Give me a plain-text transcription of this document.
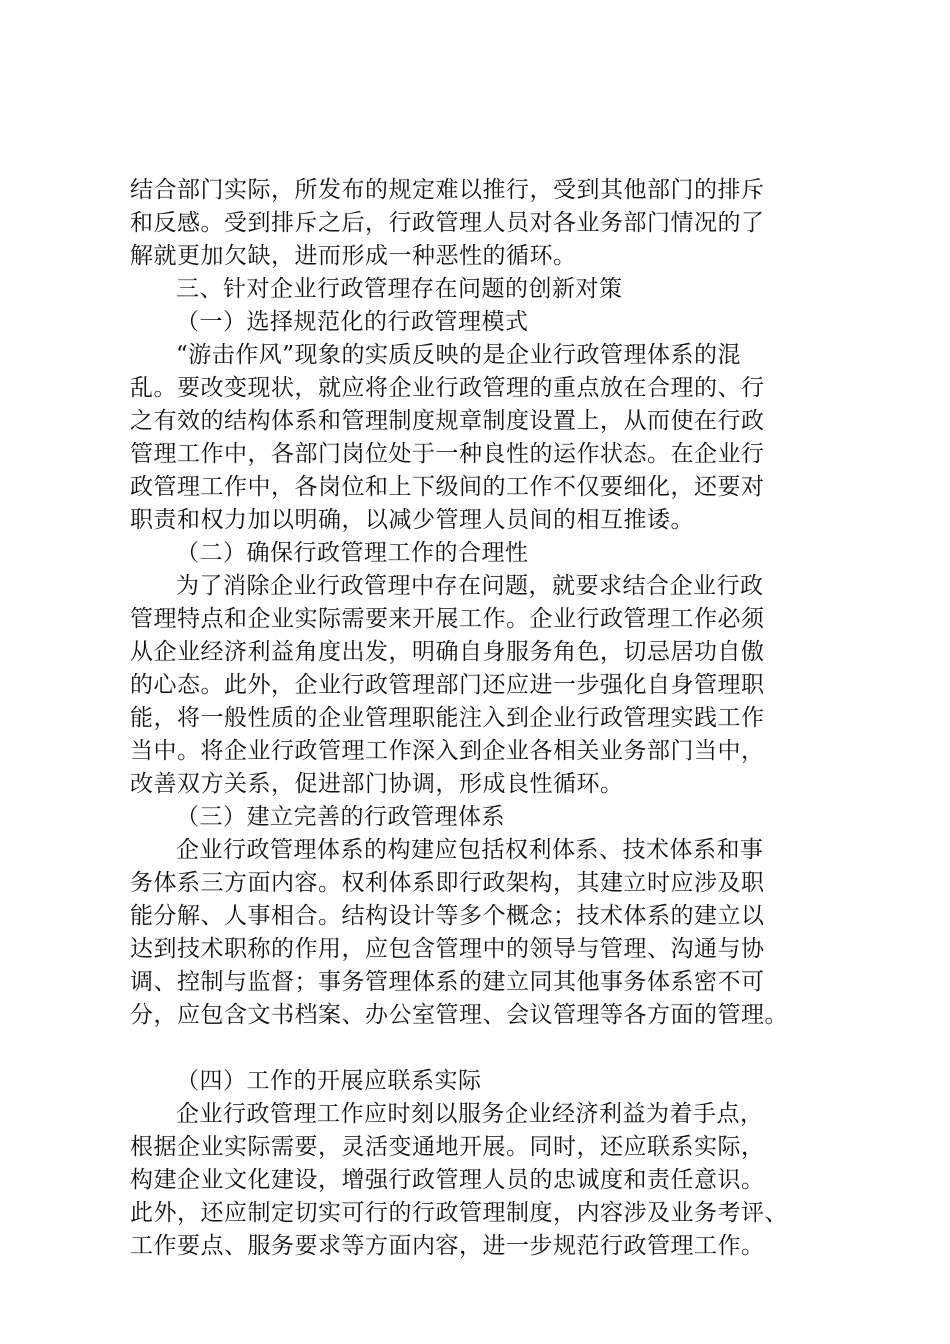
结合部门实际，所发布的规定难以推行，受到其他部门的排斥

和反感。受到排斥之后，行政管理人员对各业务部门情况的了

解就更加欠缺，进而形成一种恶性的循环。

三、针对企业行政管理存在问题的创新对策

（一）选择规范化的行政管理模式

“游击作风”现象的实质反映的是企业行政管理体系的混

乱。要改变现状，就应将企业行政管理的重点放在合理的、行

之有效的结构体系和管理制度规章制度设置上，从而使在行政

管理工作中，各部门岗位处于一种良性的运作状态。在企业行

政管理工作中，各岗位和上下级间的工作不仅要细化，还要对

职责和权力加以明确，以减少管理人员间的相互推诿。

（二）确保行政管理工作的合理性

为了消除企业行政管理中存在问题，就要求结合企业行政

管理特点和企业实际需要来开展工作。企业行政管理工作必须

从企业经济利益角度出发，明确自身服务角色，切忌居功自傲

的心态。此外，企业行政管理部门还应进一步强化自身管理职

能，将一般性质的企业管理职能注入到企业行政管理实践工作

当中。将企业行政管理工作深入到企业各相关业务部门当中，

改善双方关系，促进部门协调，形成良性循环。

（三）建立完善的行政管理体系

企业行政管理体系的构建应包括权利体系、技术体系和事

务体系三方面内容。权利体系即行政架构，其建立时应涉及职

能分解、人事相合。结构设计等多个概念；技术体系的建立以

达到技术职称的作用，应包含管理中的领导与管理、沟通与协

调、控制与监督；事务管理体系的建立同其他事务体系密不可

分，应包含文书档案、办公室管理、会议管理等各方面的管理。

（四）工作的开展应联系实际

企业行政管理工作应时刻以服务企业经济利益为着手点，

根据企业实际需要，灵活变通地开展。同时，还应联系实际，

构建企业文化建设，增强行政管理人员的忠诚度和责任意识。

此外，还应制定切实可行的行政管理制度，内容涉及业务考评、

工作要点、服务要求等方面内容，进一步规范行政管理工作。
